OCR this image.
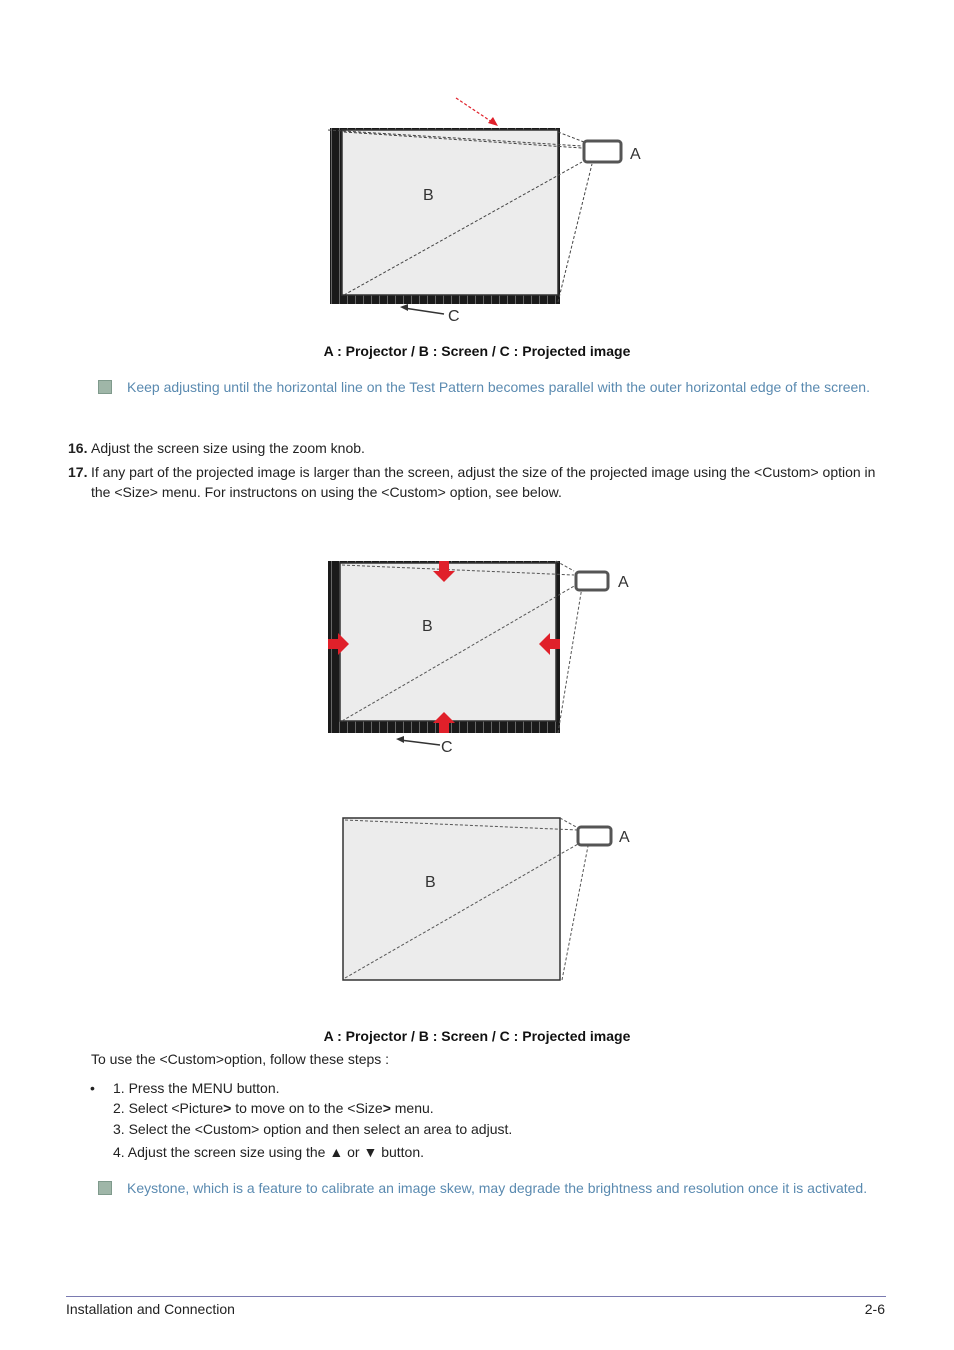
A
B
C
A : Projector / B : Screen / C : Projected image
Keep adjusting until the horizontal line on the Test Pattern becomes parallel with the outer horizontal edge of the screen.
16. Adjust the screen size using the zoom knob.
17. If any part of the projected image is larger than the screen, adjust the size of the projected image using the <Custom> option in the <Size> menu. For instructons on using the <Custom> option, see below.
A
B
C
A
B
A : Projector / B : Screen / C : Projected image
To use the <Custom>option, follow these steps :
• 1. Press the MENU button.
2. Select <Picture> to move on to the <Size> menu.
3. Select the <Custom> option and then select an area to adjust.
4. Adjust the screen size using the ▲ or ▼ button.
Keystone, which is a feature to calibrate an image skew, may degrade the brightness and resolution once it is activated.
Installation and Connection	2-6
